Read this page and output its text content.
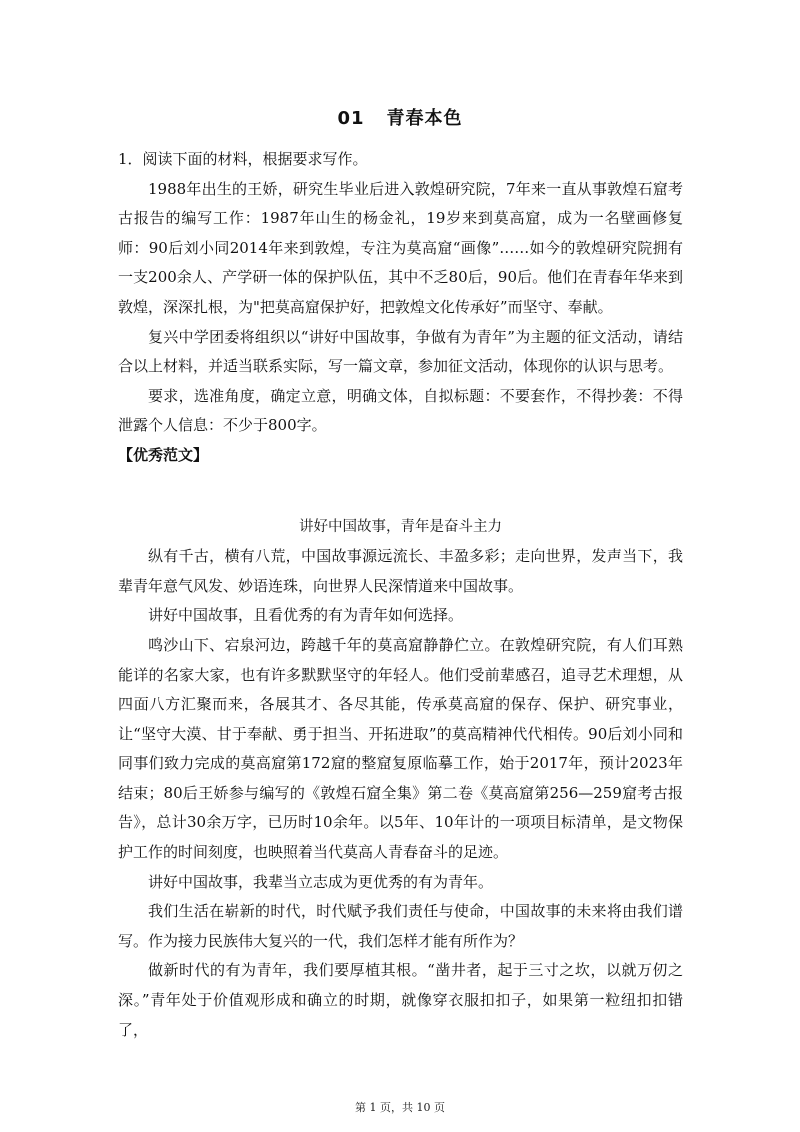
01 青春本色

1．阅读下面的材料，根据要求写作。

1988年出生的王娇，研究生毕业后进入敦煌研究院，7年来一直从事敦煌石窟考古报告的编写工作：1987年山生的杨金礼，19岁来到莫高窟，成为一名壁画修复师：90后刘小同2014年来到敦煌，专注为莫高窟“画像”……如今的敦煌研究院拥有一支200余人、产学研一体的保护队伍，其中不乏80后，90后。他们在青春年华来到敦煌，深深扎根，为"把莫高窟保护好，把敦煌文化传承好”而坚守、奉献。

复兴中学团委将组织以“讲好中国故事，争做有为青年”为主题的征文活动，请结合以上材料，并适当联系实际，写一篇文章，参加征文活动，体现你的认识与思考。

要求，选准角度，确定立意，明确文体，自拟标题：不要套作，不得抄袭：不得泄露个人信息：不少于800字。

【优秀范文】

讲好中国故事，青年是奋斗主力

纵有千古，横有八荒，中国故事源远流长、丰盈多彩；走向世界，发声当下，我辈青年意气风发、妙语连珠，向世界人民深情道来中国故事。

讲好中国故事，且看优秀的有为青年如何选择。

鸣沙山下、宕泉河边，跨越千年的莫高窟静静伫立。在敦煌研究院，有人们耳熟能详的名家大家，也有许多默默坚守的年轻人。他们受前辈感召，追寻艺术理想，从四面八方汇聚而来，各展其才、各尽其能，传承莫高窟的保存、保护、研究事业，让“坚守大漠、甘于奉献、勇于担当、开拓进取”的莫高精神代代相传。90后刘小同和同事们致力完成的莫高窟第172窟的整窟复原临摹工作，始于2017年，预计2023年结束；80后王娇参与编写的《敦煌石窟全集》第二卷《莫高窟第256—259窟考古报告》，总计30余万字，已历时10余年。以5年、10年计的一项项目标清单，是文物保护工作的时间刻度，也映照着当代莫高人青春奋斗的足迹。

讲好中国故事，我辈当立志成为更优秀的有为青年。

我们生活在崭新的时代，时代赋予我们责任与使命，中国故事的未来将由我们谱写。作为接力民族伟大复兴的一代，我们怎样才能有所作为？

做新时代的有为青年，我们要厚植其根。“凿井者，起于三寸之坎，以就万仞之深。”青年处于价值观形成和确立的时期，就像穿衣服扣扣子，如果第一粒纽扣扣错了，

第 1 页，共 10 页
